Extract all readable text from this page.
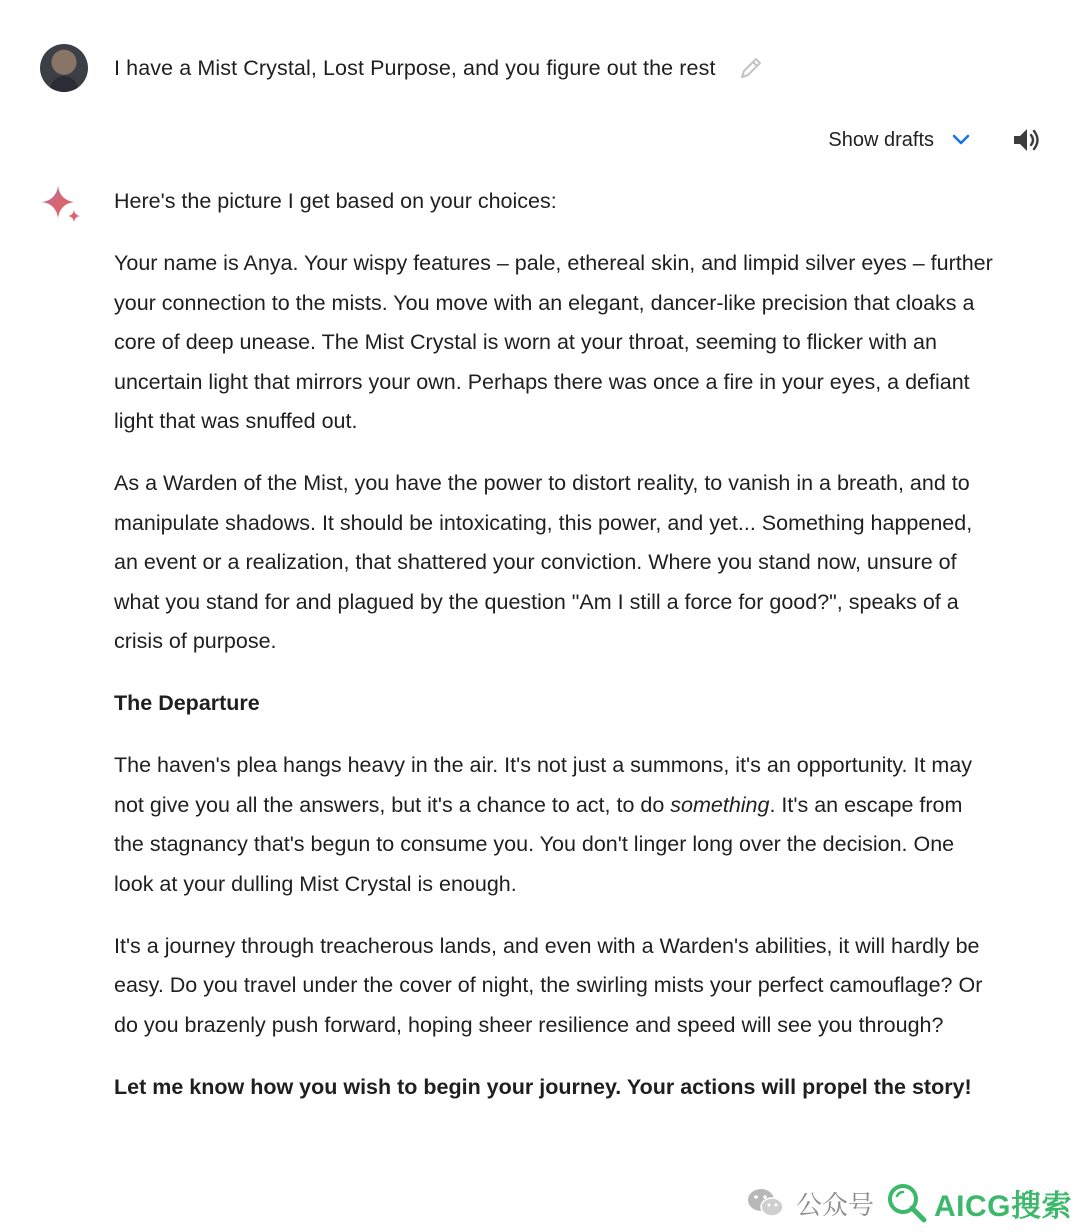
I have a Mist Crystal, Lost Purpose, and you figure out the rest
Show drafts

Here's the picture I get based on your choices:

Your name is Anya. Your wispy features – pale, ethereal skin, and limpid silver eyes – further your connection to the mists. You move with an elegant, dancer-like precision that cloaks a core of deep unease. The Mist Crystal is worn at your throat, seeming to flicker with an uncertain light that mirrors your own. Perhaps there was once a fire in your eyes, a defiant light that was snuffed out.

As a Warden of the Mist, you have the power to distort reality, to vanish in a breath, and to manipulate shadows. It should be intoxicating, this power, and yet... Something happened, an event or a realization, that shattered your conviction. Where you stand now, unsure of what you stand for and plagued by the question "Am I still a force for good?", speaks of a crisis of purpose.

The Departure

The haven's plea hangs heavy in the air. It's not just a summons, it's an opportunity. It may not give you all the answers, but it's a chance to act, to do something. It's an escape from the stagnancy that's begun to consume you. You don't linger long over the decision. One look at your dulling Mist Crystal is enough.

It's a journey through treacherous lands, and even with a Warden's abilities, it will hardly be easy. Do you travel under the cover of night, the swirling mists your perfect camouflage? Or do you brazenly push forward, hoping sheer resilience and speed will see you through?

Let me know how you wish to begin your journey. Your actions will propel the story!

公众号 AICG搜索
